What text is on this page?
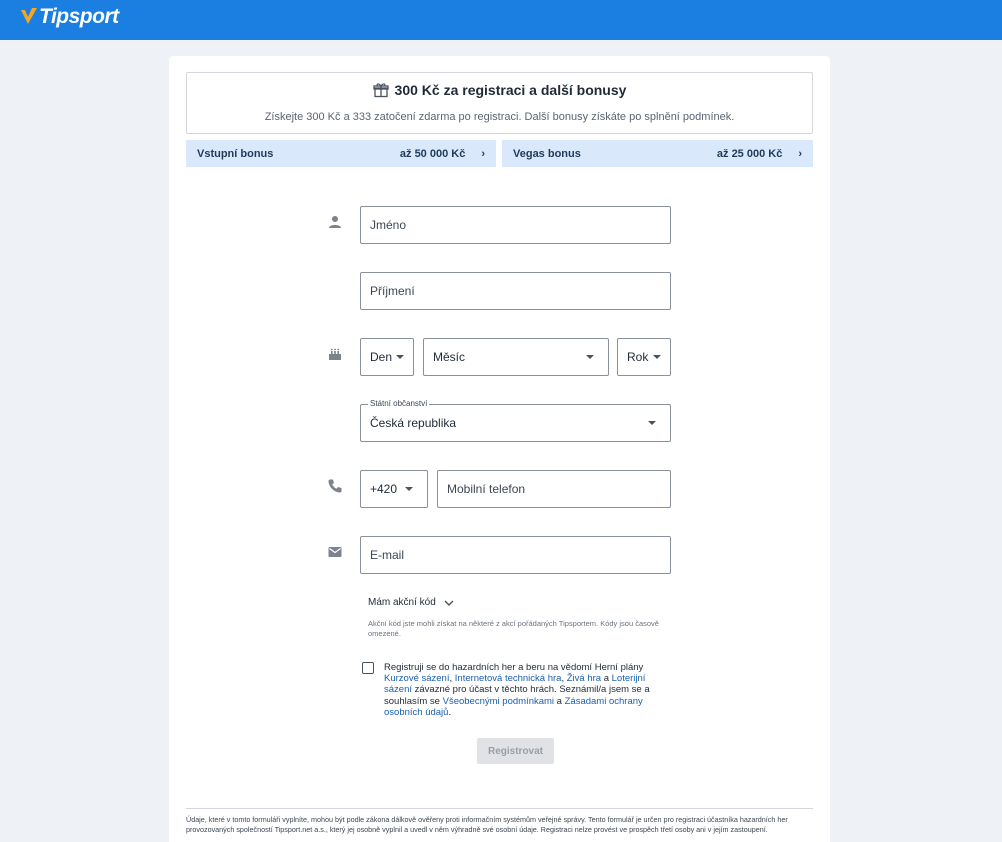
Tipsport
300 Kč za registraci a další bonusy
Získejte 300 Kč a 333 zatočení zdarma po registraci. Další bonusy získáte po splnění podmínek.
Vstupní bonus	až 50 000 Kč ›	Vegas bonus	až 25 000 Kč ›
Jméno
Příjmení
Den	Měsíc	Rok
Státní občanství
Česká republika
+420	Mobilní telefon
E-mail
Mám akční kód
Akční kód jste mohli získat na některé z akcí pořádaných Tipsportem. Kódy jsou časově omezené.
Registruji se do hazardních her a beru na vědomí Herní plány Kurzové sázení, Internetová technická hra, Živá hra a Loterijní sázení závazné pro účast v těchto hrách. Seznámil/a jsem se a souhlasím se Všeobecnými podmínkami a Zásadami ochrany osobních údajů.
Registrovat
Údaje, které v tomto formuláři vyplníte, mohou být podle zákona dálkově ověřeny proti informačním systémům veřejné správy. Tento formulář je určen pro registraci účastníka hazardních her provozovaných společností Tipsport.net a.s., který jej osobně vyplnil a uvedl v něm výhradně své osobní údaje. Registraci nelze provést ve prospěch třetí osoby ani v jejím zastoupení.
